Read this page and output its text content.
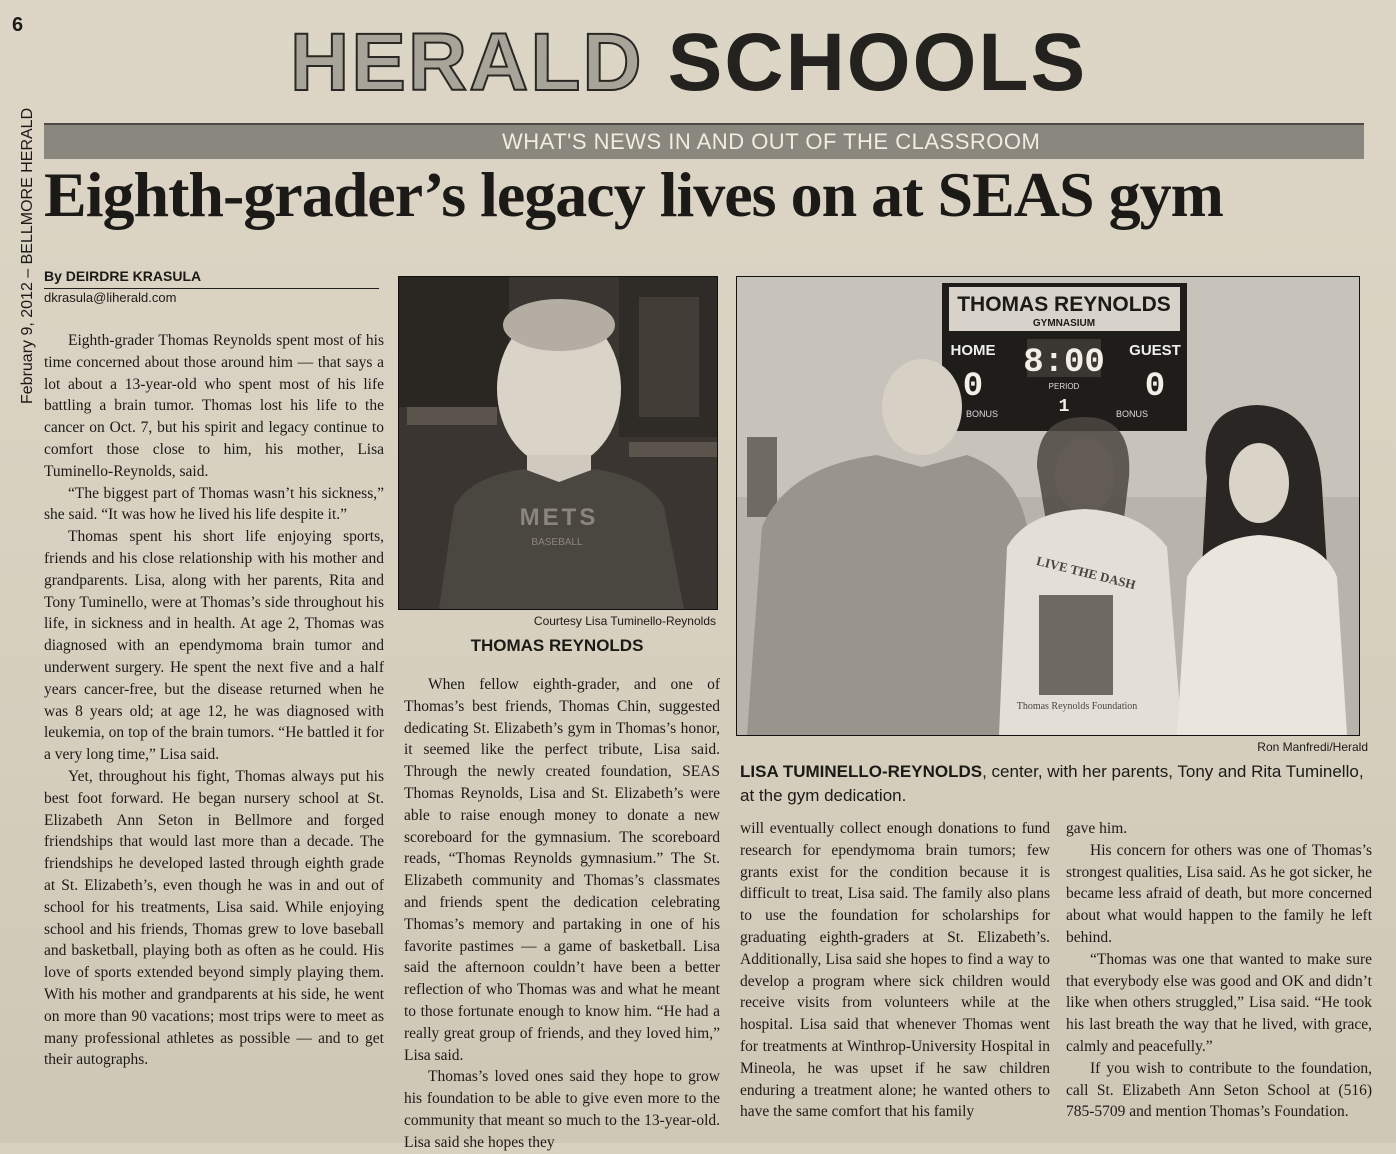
6	HERALD SCHOOLS
February 9, 2012 – BELLMORE HERALD	WHAT'S NEWS IN AND OUT OF THE CLASSROOM
Eighth-grader’s legacy lives on at SEAS gym
By DEIRDRE KRASULA
dkrasula@liherald.com

Eighth-grader Thomas Reynolds spent most of his time concerned about those around him — that says a lot about a 13-year-old who spent most of his life battling a brain tumor. Thomas lost his life to the cancer on Oct. 7, but his spirit and legacy continue to comfort those close to him, his mother, Lisa Tuminello-Reynolds, said.

“The biggest part of Thomas wasn’t his sickness,” she said. “It was how he lived his life despite it.”

Thomas spent his short life enjoying sports, friends and his close relationship with his mother and grandparents. Lisa, along with her parents, Rita and Tony Tuminello, were at Thomas’s side throughout his life, in sickness and in health. At age 2, Thomas was diagnosed with an ependymoma brain tumor and underwent surgery. He spent the next five and a half years cancer-free, but the disease returned when he was 8 years old; at age 12, he was diagnosed with leukemia, on top of the brain tumors. “He battled it for a very long time,” Lisa said.

Yet, throughout his fight, Thomas always put his best foot forward. He began nursery school at St. Elizabeth Ann Seton in Bellmore and forged friendships that would last more than a decade. The friendships he developed lasted through eighth grade at St. Elizabeth’s, even though he was in and out of school for his treatments, Lisa said. While enjoying school and his friends, Thomas grew to love baseball and basketball, playing both as often as he could. His love of sports extended beyond simply playing them. With his mother and grandparents at his side, he went on more than 90 vacations; most trips were to meet as many professional athletes as possible — and to get their autographs.

METS
BASEBALL
Courtesy Lisa Tuminello-Reynolds
THOMAS REYNOLDS
THOMAS REYNOLDS
GYMNASIUM
HOME	GUEST
8:00
0	0
PERIOD
1
BONUS	BONUS
LIVE THE DASH
Thomas Reynolds Foundation
Ron Manfredi/Herald
LISA TUMINELLO-REYNOLDS, center, with her parents, Tony and Rita Tuminello, at the gym dedication.

When fellow eighth-grader, and one of Thomas’s best friends, Thomas Chin, suggested dedicating St. Elizabeth’s gym in Thomas’s honor, it seemed like the perfect tribute, Lisa said. Through the newly created foundation, SEAS Thomas Reynolds, Lisa and St. Elizabeth’s were able to raise enough money to donate a new scoreboard for the gymnasium. The scoreboard reads, “Thomas Reynolds gymnasium.” The St. Elizabeth community and Thomas’s classmates and friends spent the dedication celebrating Thomas’s memory and partaking in one of his favorite pastimes — a game of basketball. Lisa said the afternoon couldn’t have been a better reflection of who Thomas was and what he meant to those fortunate enough to know him. “He had a really great group of friends, and they loved him,” Lisa said.

Thomas’s loved ones said they hope to grow his foundation to be able to give even more to the community that meant so much to the 13-year-old. Lisa said she hopes they

will eventually collect enough donations to fund research for ependymoma brain tumors; few grants exist for the condition because it is difficult to treat, Lisa said. The family also plans to use the foundation for scholarships for graduating eighth-graders at St. Elizabeth’s. Additionally, Lisa said she hopes to find a way to develop a program where sick children would receive visits from volunteers while at the hospital. Lisa said that whenever Thomas went for treatments at Winthrop-University Hospital in Mineola, he was upset if he saw children enduring a treatment alone; he wanted others to have the same comfort that his family

gave him.

His concern for others was one of Thomas’s strongest qualities, Lisa said. As he got sicker, he became less afraid of death, but more concerned about what would happen to the family he left behind.

“Thomas was one that wanted to make sure that everybody else was good and OK and didn’t like when others struggled,” Lisa said. “He took his last breath the way that he lived, with grace, calmly and peacefully.”

If you wish to contribute to the foundation, call St. Elizabeth Ann Seton School at (516) 785-5709 and mention Thomas’s Foundation.
